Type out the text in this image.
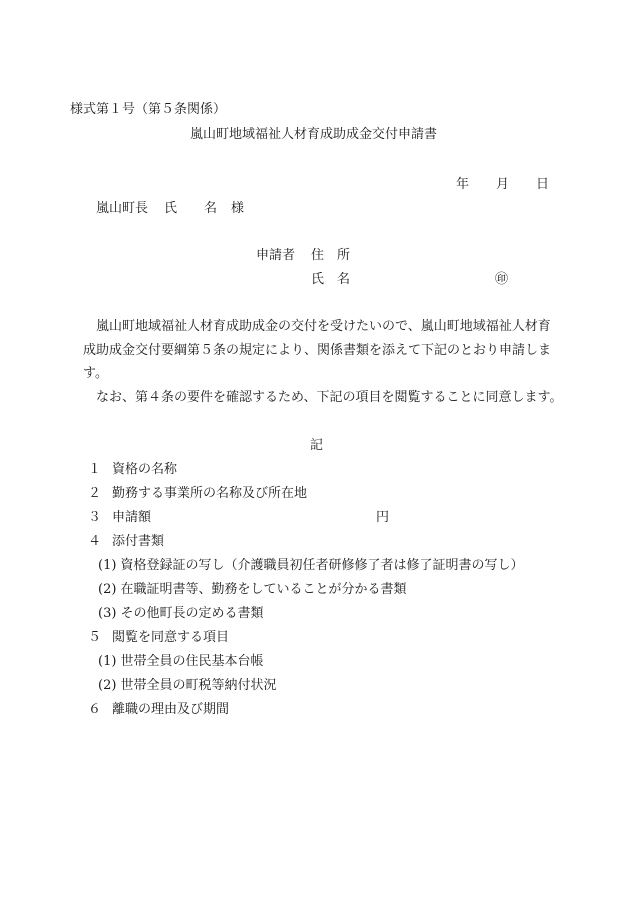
様式第１号（第５条関係）
嵐山町地域福祉人材育成助成金交付申請書
年 月 日
嵐山町長 氏 名 様
申請者 住 所
氏 名	㊞
嵐山町地域福祉人材育成助成金の交付を受けたいので、嵐山町地域福祉人材育
成助成金交付要綱第５条の規定により、関係書類を添えて下記のとおり申請しま
す。
なお、第４条の要件を確認するため、下記の項目を閲覧することに同意します。
記
１ 資格の名称
２ 勤務する事業所の名称及び所在地
３ 申請額	円
４ 添付書類
(1) 資格登録証の写し（介護職員初任者研修修了者は修了証明書の写し）
(2) 在職証明書等、勤務をしていることが分かる書類
(3) その他町長の定める書類
５ 閲覧を同意する項目
(1) 世帯全員の住民基本台帳
(2) 世帯全員の町税等納付状況
６ 離職の理由及び期間
